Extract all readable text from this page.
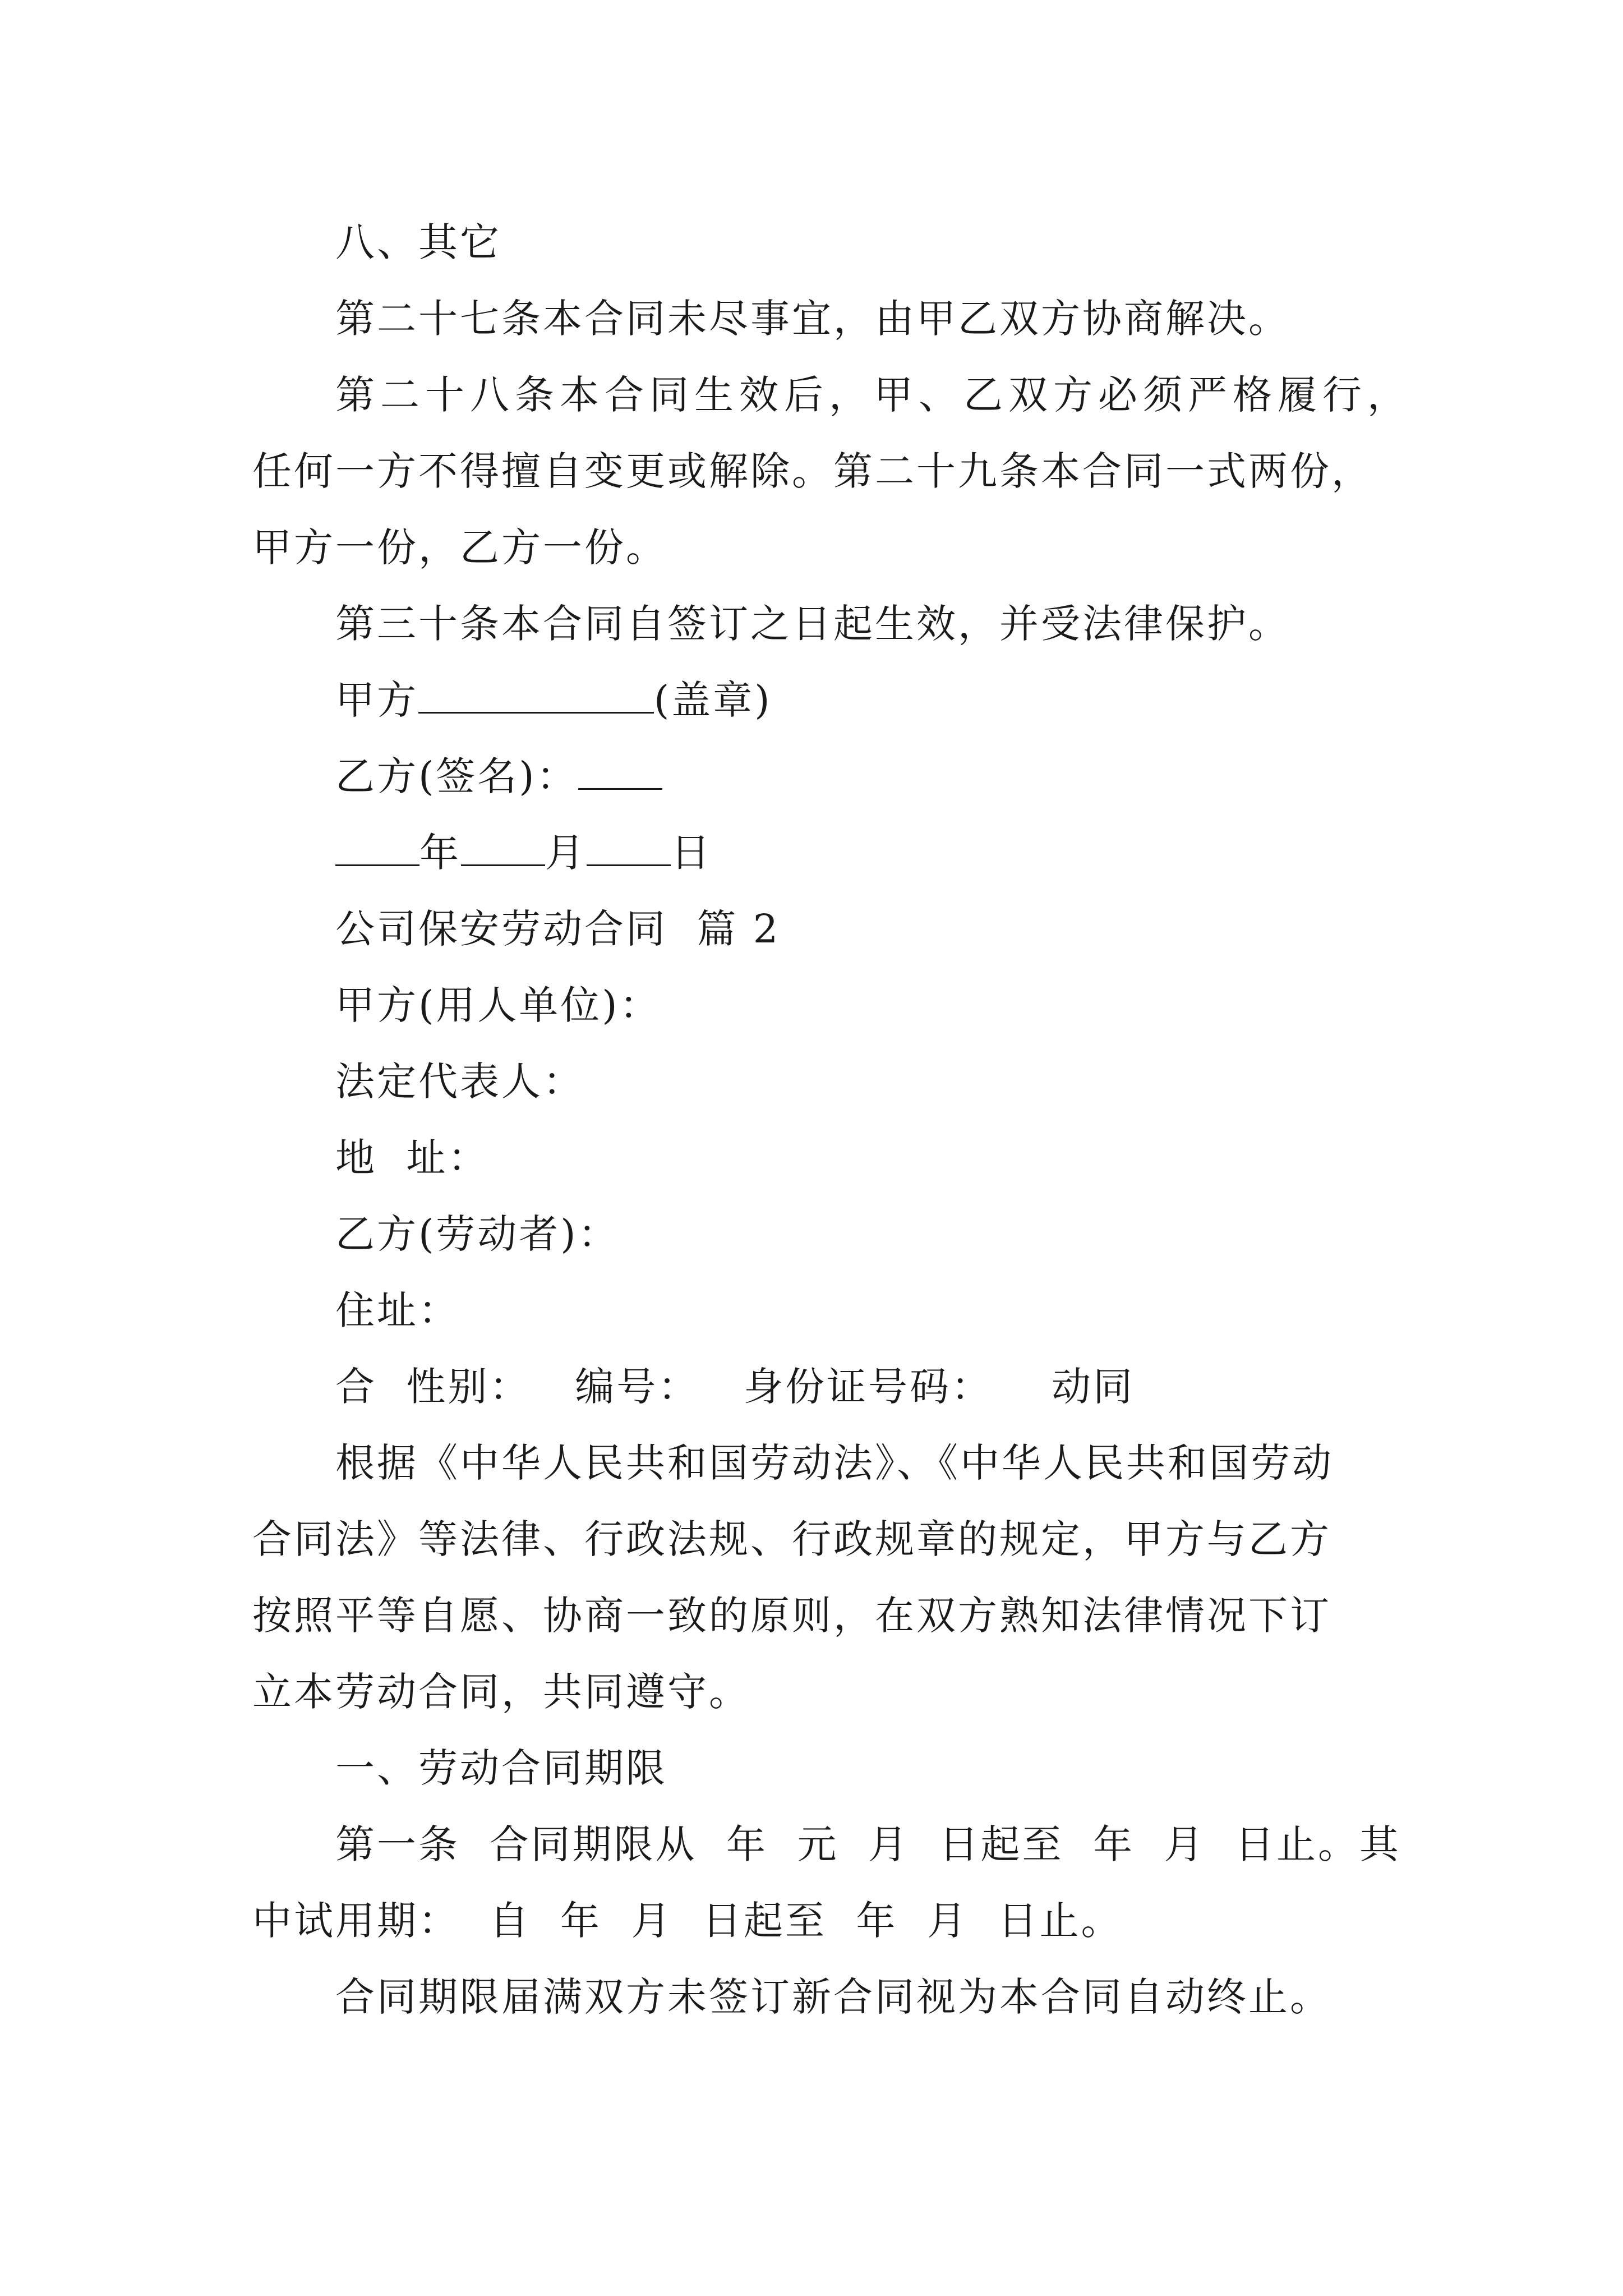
八、其它
第二十七条本合同未尽事宜，由甲乙双方协商解决。
第二十八条本合同生效后，甲、乙双方必须严格履行，
任何一方不得擅自变更或解除。第二十九条本合同一式两份，
甲方一份，乙方一份。
第三十条本合同自签订之日起生效，并受法律保护。
甲方	(盖章)
乙方(签名)：
年 月 日
公司保安劳动合同  篇 2
甲方(用人单位)：
法定代表人：
地  址：
乙方(劳动者)：
住址：
合  性别：   编号：   身份证号码：    动同
根据《中华人民共和国劳动法》、《中华人民共和国劳动
合同法》等法律、行政法规、行政规章的规定，甲方与乙方
按照平等自愿、协商一致的原则，在双方熟知法律情况下订
立本劳动合同，共同遵守。
一、劳动合同期限
第一条  合同期限从  年  元  月  日起至  年  月  日止。其
中试用期：  自  年  月  日起至  年  月  日止。
合同期限届满双方未签订新合同视为本合同自动终止。
